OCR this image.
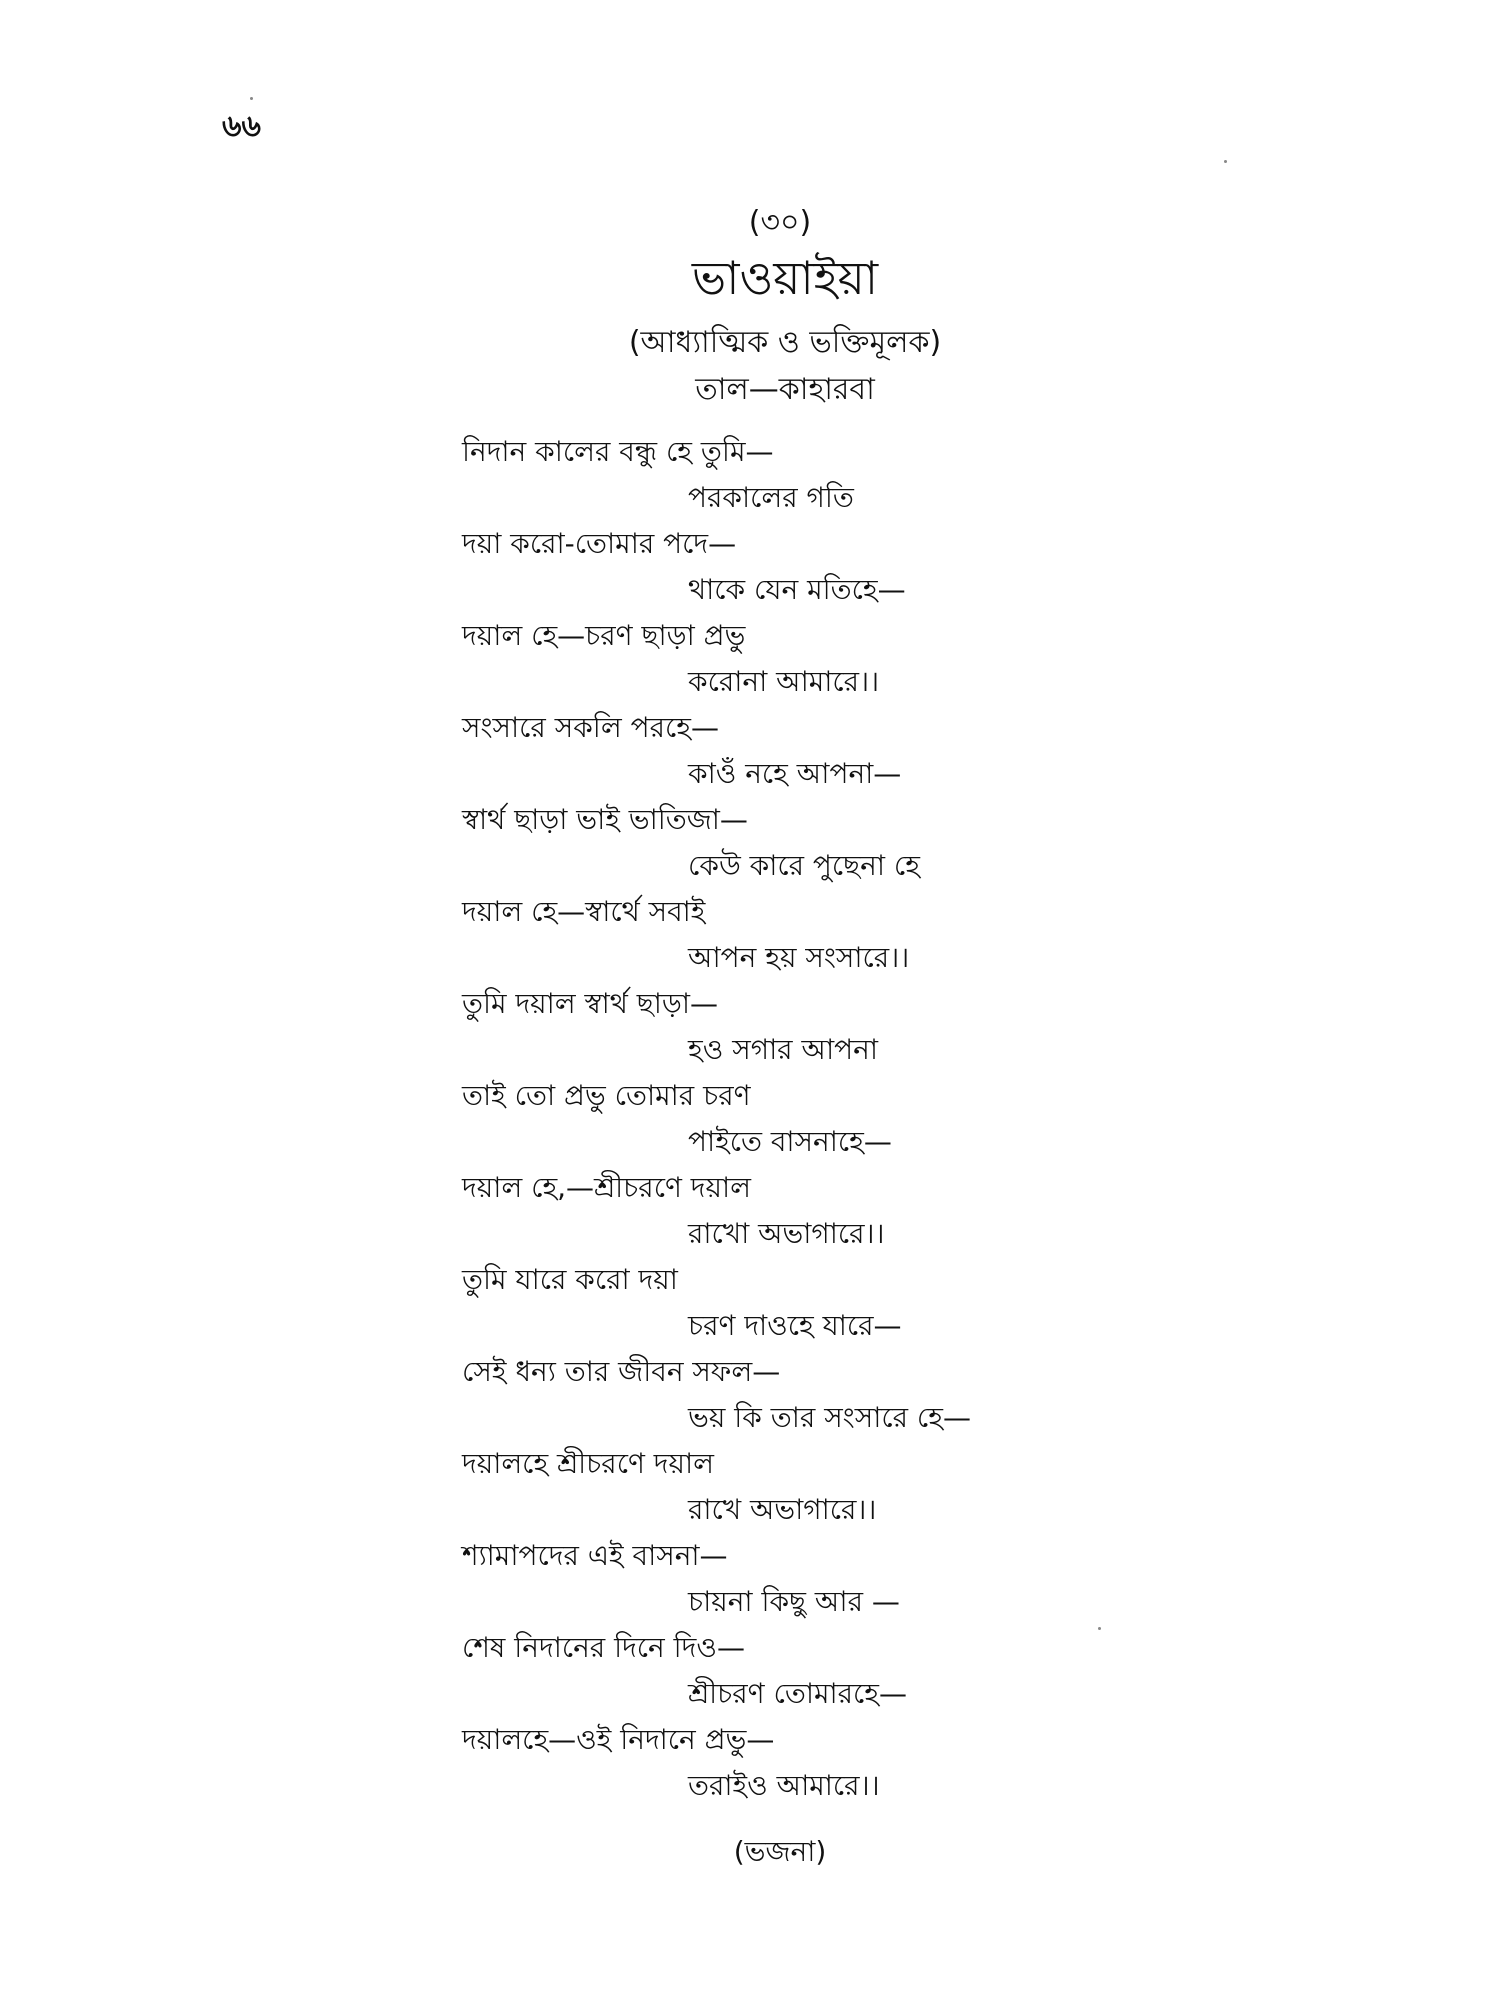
৬৬
(৩০)
ভাওয়াইয়া
(আধ্যাত্মিক ও ভক্তিমূলক)
তাল—কাহারবা
নিদান কালের বন্ধু হে তুমি—
পরকালের গতি
দয়া করো-তোমার পদে—
থাকে যেন মতিহে—
দয়াল হে—চরণ ছাড়া প্রভু
করোনা আমারে।।
সংসারে সকলি পরহে—
কাওঁ নহে আপনা—
স্বার্থ ছাড়া ভাই ভাতিজা—
কেউ কারে পুছেনা হে
দয়াল হে—স্বার্থে সবাই
আপন হয় সংসারে।।
তুমি দয়াল স্বার্থ ছাড়া—
হও সগার আপনা
তাই তো প্রভু তোমার চরণ
পাইতে বাসনাহে—
দয়াল হে,—শ্রীচরণে দয়াল
রাখো অভাগারে।।
তুমি যারে করো দয়া
চরণ দাওহে যারে—
সেই ধন্য তার জীবন সফল—
ভয় কি তার সংসারে হে—
দয়ালহে শ্রীচরণে দয়াল
রাখে অভাগারে।।
শ্যামাপদের এই বাসনা—
চায়না কিছু আর —
শেষ নিদানের দিনে দিও—
শ্রীচরণ তোমারহে—
দয়ালহে—ওই নিদানে প্রভু—
তরাইও আমারে।।
(ভজনা)
